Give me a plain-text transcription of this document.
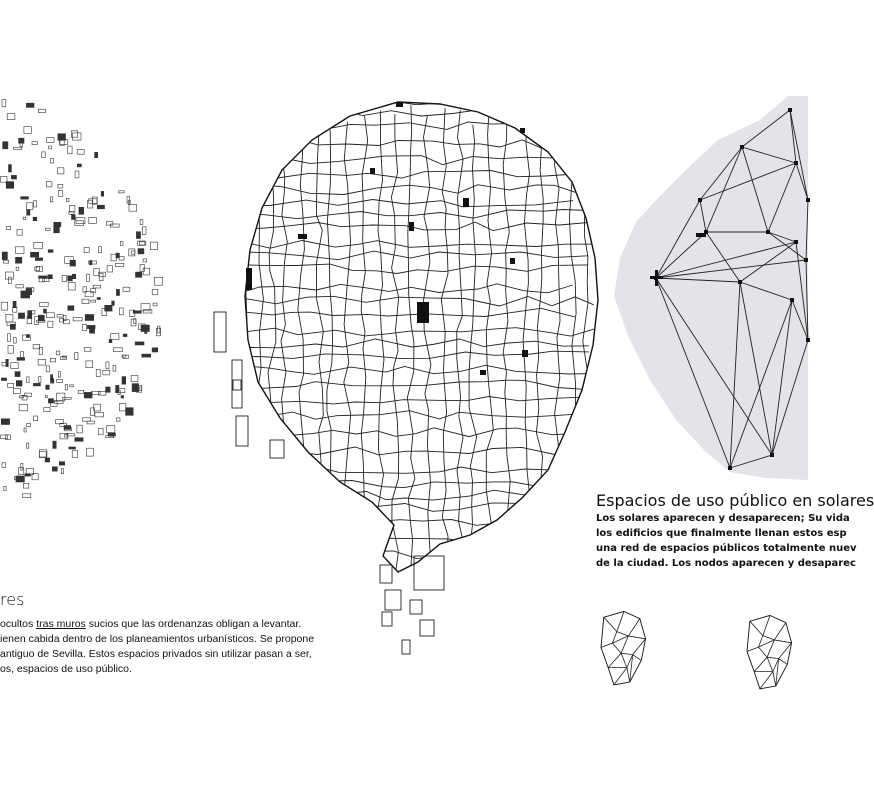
res

ocultos tras muros sucios que las ordenanzas obligan a levantar.

ienen cabida dentro de los planeamientos urbanísticos. Se propone

antiguo de Sevilla. Estos espacios privados sin utilizar pasan a ser,

os, espacios de uso público.

Espacios de uso público en solares

Los solares aparecen y desaparecen; Su vida

los edificios que finalmente llenan estos esp

una red de espacios públicos totalmente nuev

de la ciudad. Los nodos aparecen y desaparec
